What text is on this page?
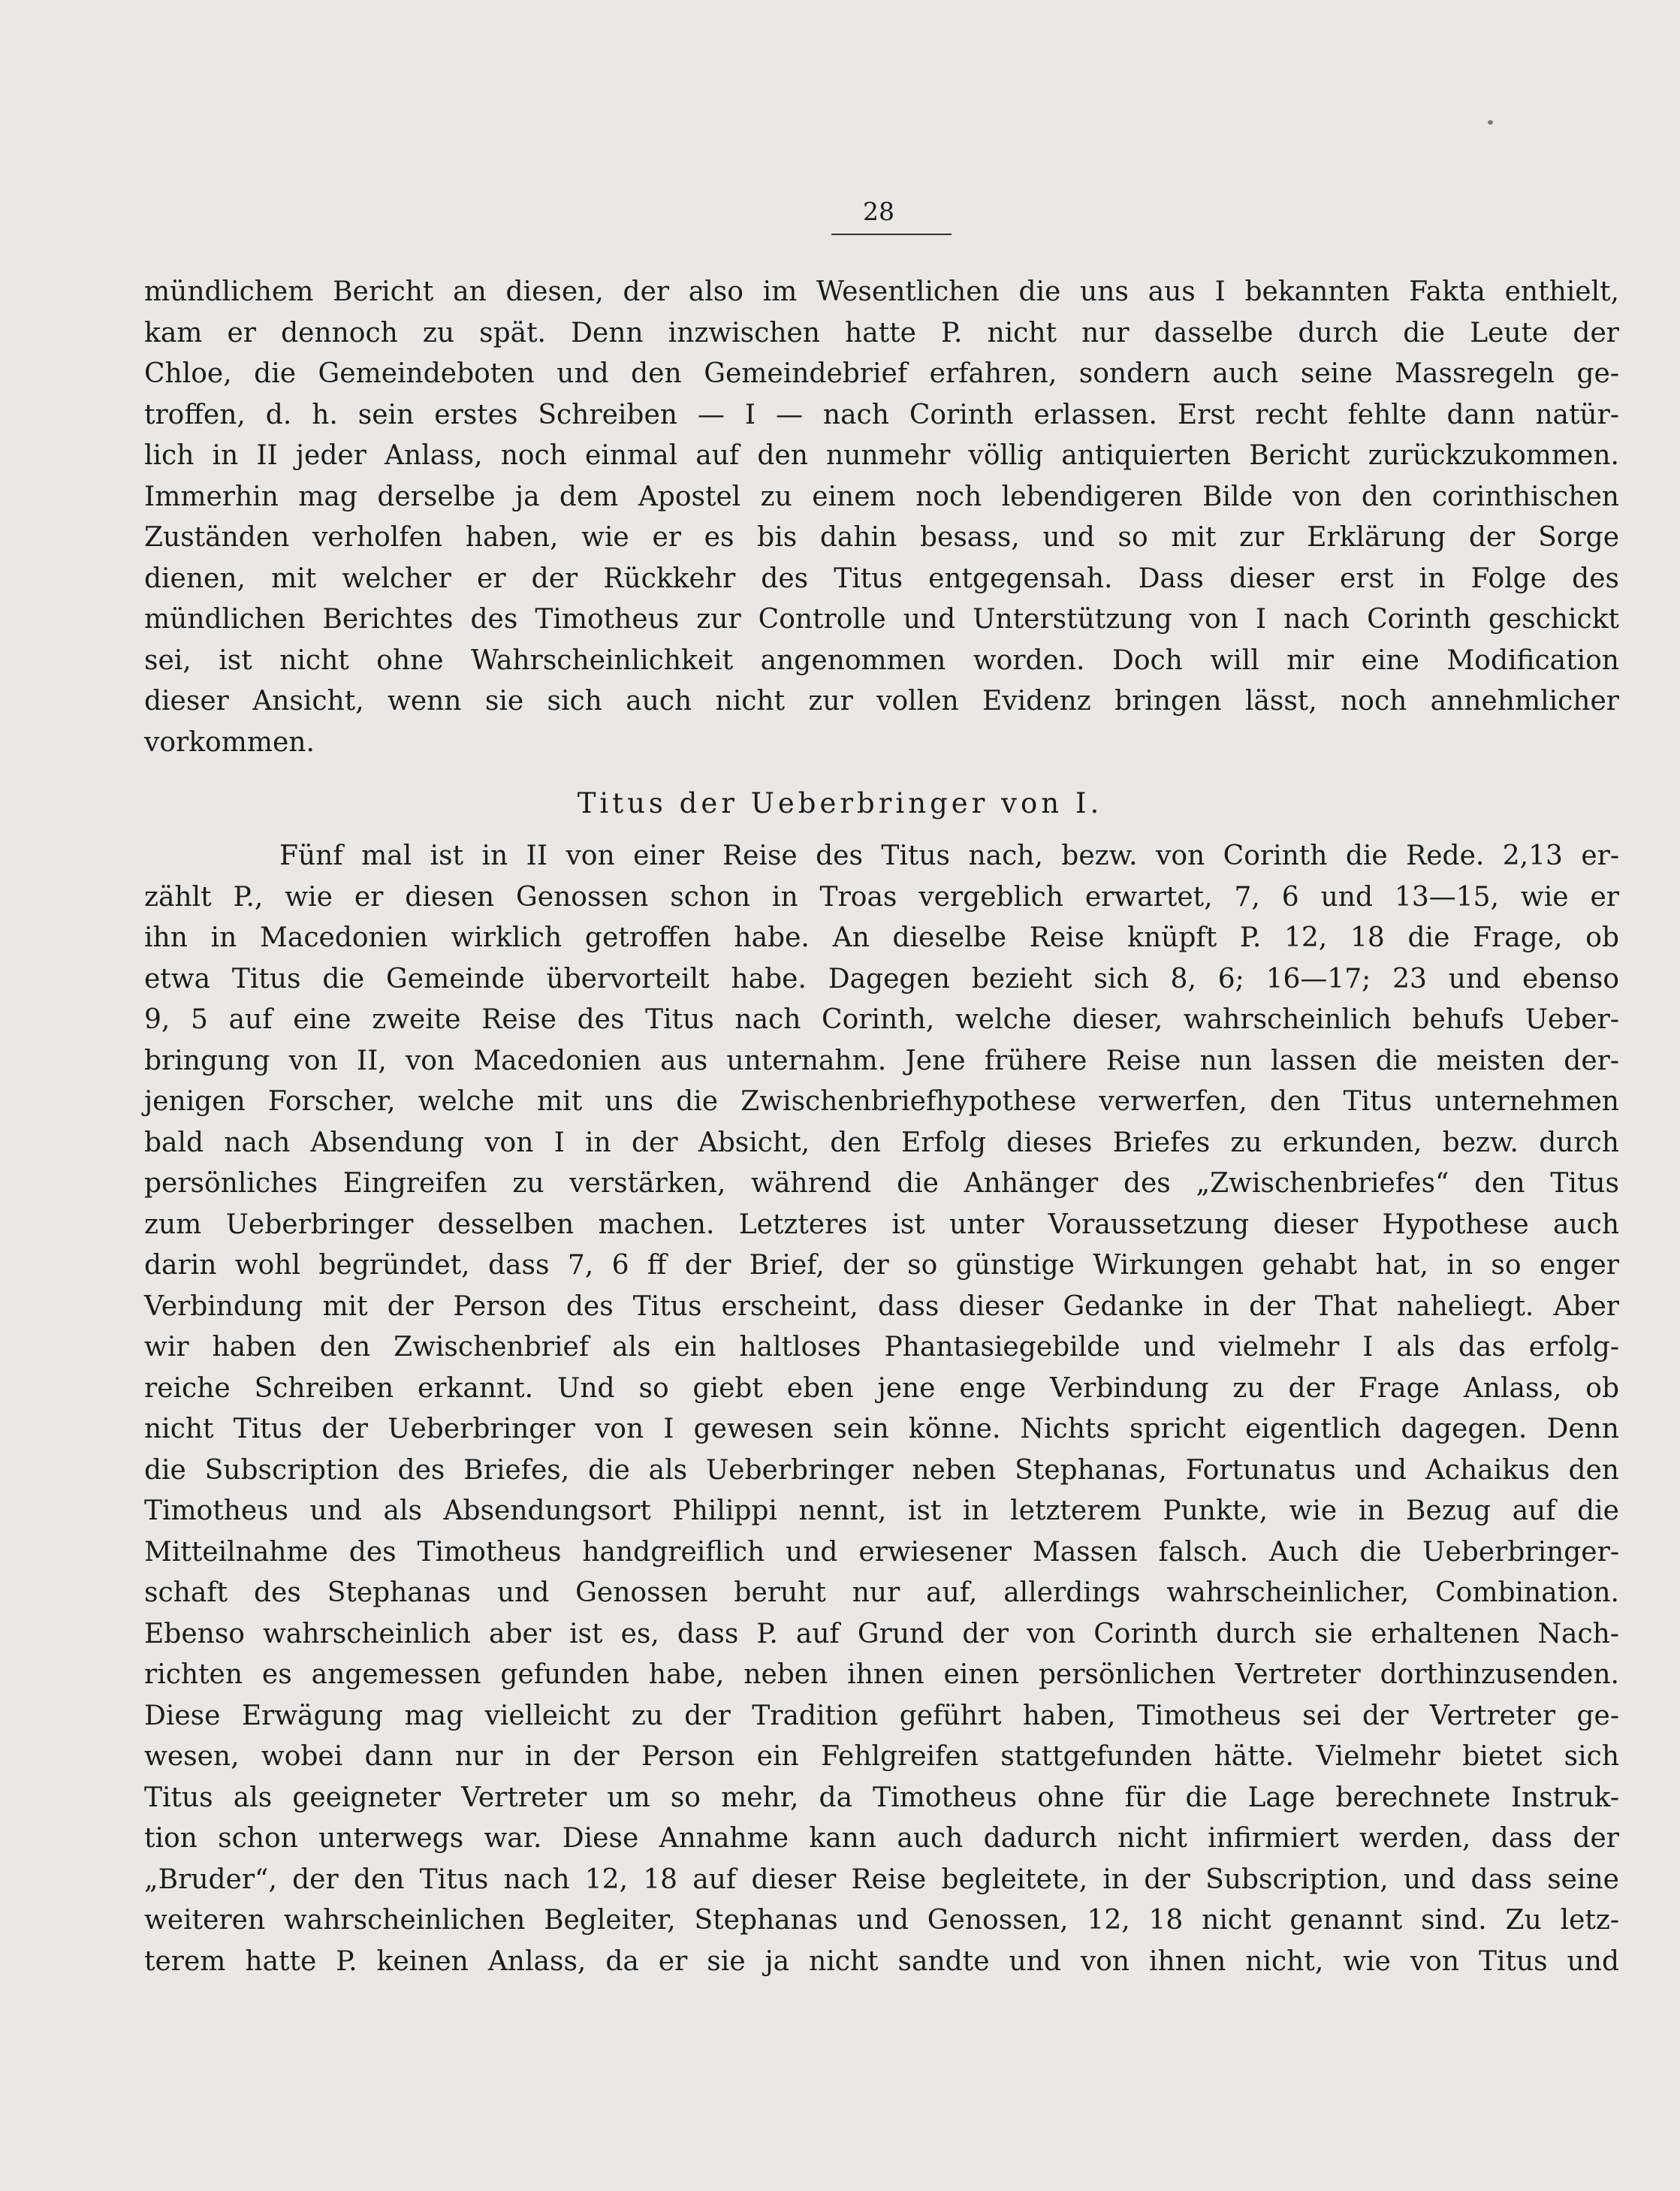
28
mündlichem Bericht an diesen, der also im Wesentlichen die uns aus I bekannten Fakta enthielt,
kam er dennoch zu spät. Denn inzwischen hatte P. nicht nur dasselbe durch die Leute der
Chloe, die Gemeindeboten und den Gemeindebrief erfahren, sondern auch seine Massregeln ge-
troffen, d. h. sein erstes Schreiben — I — nach Corinth erlassen. Erst recht fehlte dann natür-
lich in II jeder Anlass, noch einmal auf den nunmehr völlig antiquierten Bericht zurückzukommen.
Immerhin mag derselbe ja dem Apostel zu einem noch lebendigeren Bilde von den corinthischen
Zuständen verholfen haben, wie er es bis dahin besass, und so mit zur Erklärung der Sorge
dienen, mit welcher er der Rückkehr des Titus entgegensah. Dass dieser erst in Folge des
mündlichen Berichtes des Timotheus zur Controlle und Unterstützung von I nach Corinth geschickt
sei, ist nicht ohne Wahrscheinlichkeit angenommen worden. Doch will mir eine Modification
dieser Ansicht, wenn sie sich auch nicht zur vollen Evidenz bringen lässt, noch annehmlicher
vorkommen.
Titus der Ueberbringer von I.
Fünf mal ist in II von einer Reise des Titus nach, bezw. von Corinth die Rede. 2,13 er-
zählt P., wie er diesen Genossen schon in Troas vergeblich erwartet, 7, 6 und 13—15, wie er
ihn in Macedonien wirklich getroffen habe. An dieselbe Reise knüpft P. 12, 18 die Frage, ob
etwa Titus die Gemeinde übervorteilt habe. Dagegen bezieht sich 8, 6; 16—17; 23 und ebenso
9, 5 auf eine zweite Reise des Titus nach Corinth, welche dieser, wahrscheinlich behufs Ueber-
bringung von II, von Macedonien aus unternahm. Jene frühere Reise nun lassen die meisten der-
jenigen Forscher, welche mit uns die Zwischenbriefhypothese verwerfen, den Titus unternehmen
bald nach Absendung von I in der Absicht, den Erfolg dieses Briefes zu erkunden, bezw. durch
persönliches Eingreifen zu verstärken, während die Anhänger des „Zwischenbriefes“ den Titus
zum Ueberbringer desselben machen. Letzteres ist unter Voraussetzung dieser Hypothese auch
darin wohl begründet, dass 7, 6 ff der Brief, der so günstige Wirkungen gehabt hat, in so enger
Verbindung mit der Person des Titus erscheint, dass dieser Gedanke in der That naheliegt. Aber
wir haben den Zwischenbrief als ein haltloses Phantasiegebilde und vielmehr I als das erfolg-
reiche Schreiben erkannt. Und so giebt eben jene enge Verbindung zu der Frage Anlass, ob
nicht Titus der Ueberbringer von I gewesen sein könne. Nichts spricht eigentlich dagegen. Denn
die Subscription des Briefes, die als Ueberbringer neben Stephanas, Fortunatus und Achaikus den
Timotheus und als Absendungsort Philippi nennt, ist in letzterem Punkte, wie in Bezug auf die
Mitteilnahme des Timotheus handgreiflich und erwiesener Massen falsch. Auch die Ueberbringer-
schaft des Stephanas und Genossen beruht nur auf, allerdings wahrscheinlicher, Combination.
Ebenso wahrscheinlich aber ist es, dass P. auf Grund der von Corinth durch sie erhaltenen Nach-
richten es angemessen gefunden habe, neben ihnen einen persönlichen Vertreter dorthinzusenden.
Diese Erwägung mag vielleicht zu der Tradition geführt haben, Timotheus sei der Vertreter ge-
wesen, wobei dann nur in der Person ein Fehlgreifen stattgefunden hätte. Vielmehr bietet sich
Titus als geeigneter Vertreter um so mehr, da Timotheus ohne für die Lage berechnete Instruk-
tion schon unterwegs war. Diese Annahme kann auch dadurch nicht infirmiert werden, dass der
„Bruder“, der den Titus nach 12, 18 auf dieser Reise begleitete, in der Subscription, und dass seine
weiteren wahrscheinlichen Begleiter, Stephanas und Genossen, 12, 18 nicht genannt sind. Zu letz-
terem hatte P. keinen Anlass, da er sie ja nicht sandte und von ihnen nicht, wie von Titus und
